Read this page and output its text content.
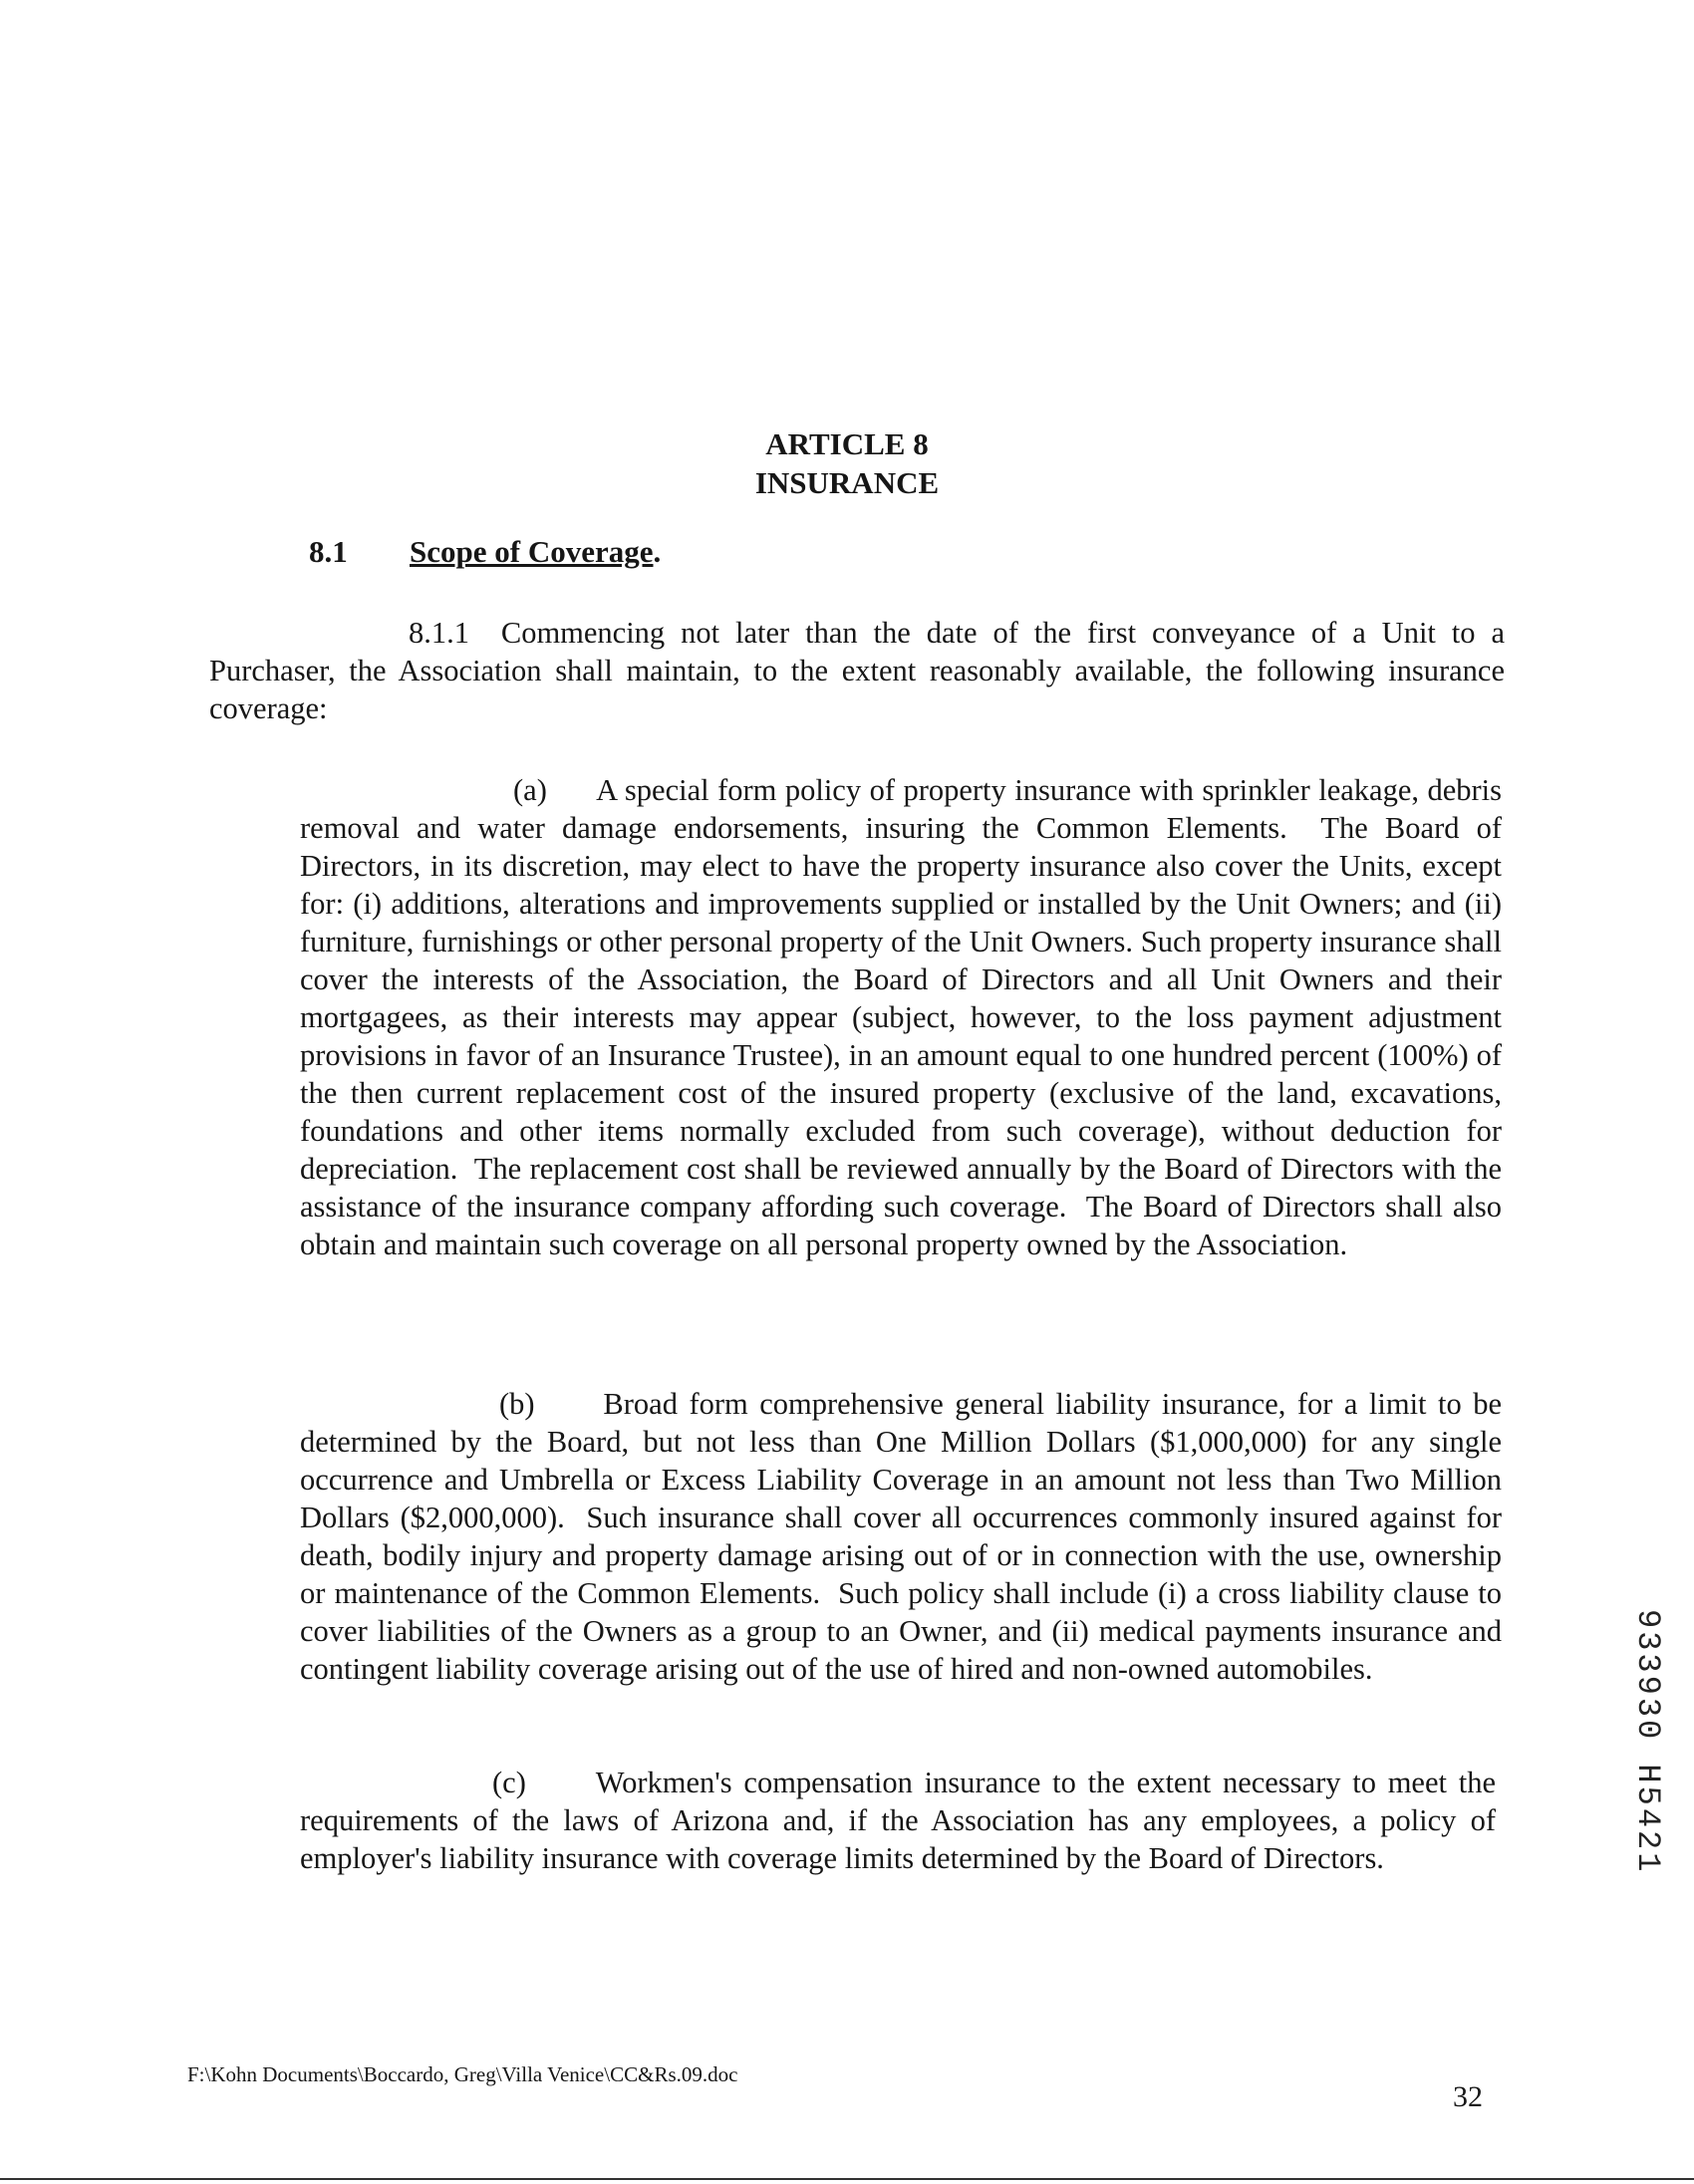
ARTICLE 8
INSURANCE
8.1 Scope of Coverage.

8.1.1  Commencing not later than the date of the first conveyance of a Unit to a Purchaser, the Association shall maintain, to the extent reasonably available, the following insurance coverage:

(a)      A special form policy of property insurance with sprinkler leakage, debris removal and water damage endorsements, insuring the Common Elements.  The Board of Directors, in its discretion, may elect to have the property insurance also cover the Units, except for: (i) additions, alterations and improvements supplied or installed by the Unit Owners; and (ii) furniture, furnishings or other personal property of the Unit Owners. Such property insurance shall cover the interests of the Association, the Board of Directors and all Unit Owners and their mortgagees, as their interests may appear (subject, however, to the loss payment adjustment provisions in favor of an Insurance Trustee), in an amount equal to one hundred percent (100%) of the then current replacement cost of the insured property (exclusive of the land, excavations, foundations and other items normally excluded from such coverage), without deduction for depreciation.  The replacement cost shall be reviewed annually by the Board of Directors with the assistance of the insurance company affording such coverage.  The Board of Directors shall also obtain and maintain such coverage on all personal property owned by the Association.

(b)      Broad form comprehensive general liability insurance, for a limit to be determined by the Board, but not less than One Million Dollars ($1,000,000) for any single occurrence and Umbrella or Excess Liability Coverage in an amount not less than Two Million Dollars ($2,000,000).  Such insurance shall cover all occurrences commonly insured against for death, bodily injury and property damage arising out of or in connection with the use, ownership or maintenance of the Common Elements.  Such policy shall include (i) a cross liability clause to cover liabilities of the Owners as a group to an Owner, and (ii) medical payments insurance and contingent liability coverage arising out of the use of hired and non-owned automobiles.

(c)      Workmen's compensation insurance to the extent necessary to meet the requirements of the laws of Arizona and, if the Association has any employees, a policy of employer's liability insurance with coverage limits determined by the Board of Directors.

F:\Kohn Documents\Boccardo, Greg\Villa Venice\CC&Rs.09.doc
32
933930 H5421
